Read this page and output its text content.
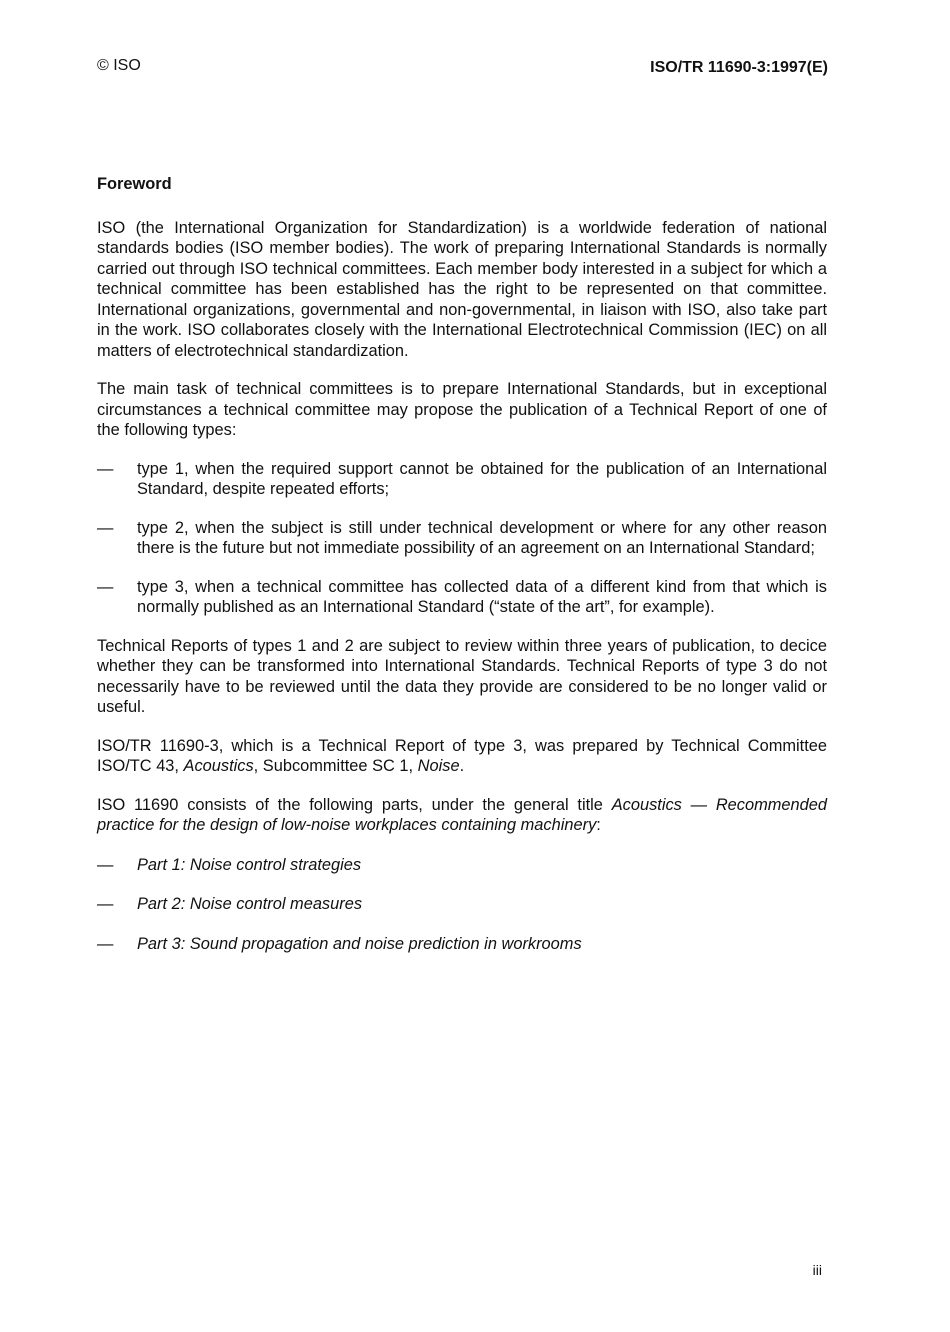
© ISO	ISO/TR 11690-3:1997(E)
Foreword

ISO (the International Organization for Standardization) is a worldwide federation of national standards bodies (ISO member bodies). The work of preparing International Standards is normally carried out through ISO technical committees. Each member body interested in a subject for which a technical committee has been established has the right to be represented on that committee. International organizations, governmental and non-governmental, in liaison with ISO, also take part in the work. ISO collaborates closely with the International Electrotechnical Commission (IEC) on all matters of electrotechnical standardization.

The main task of technical committees is to prepare International Standards, but in exceptional circumstances a technical committee may propose the publication of a Technical Report of one of the following types:

—	type 1, when the required support cannot be obtained for the publication of an International Standard, despite repeated efforts;
—	type 2, when the subject is still under technical development or where for any other reason there is the future but not immediate possibility of an agreement on an International Standard;
—	type 3, when a technical committee has collected data of a different kind from that which is normally published as an International Standard (“state of the art”, for example).

Technical Reports of types 1 and 2 are subject to review within three years of publication, to decice whether they can be transformed into International Standards. Technical Reports of type 3 do not necessarily have to be reviewed until the data they provide are considered to be no longer valid or useful.

ISO/TR 11690-3, which is a Technical Report of type 3, was prepared by Technical Committee ISO/TC 43, Acoustics, Subcommittee SC 1, Noise.

ISO 11690 consists of the following parts, under the general title Acoustics — Recommended practice for the design of low-noise workplaces containing machinery:

—	Part 1: Noise control strategies
—	Part 2: Noise control measures
—	Part 3: Sound propagation and noise prediction in workrooms
iii
